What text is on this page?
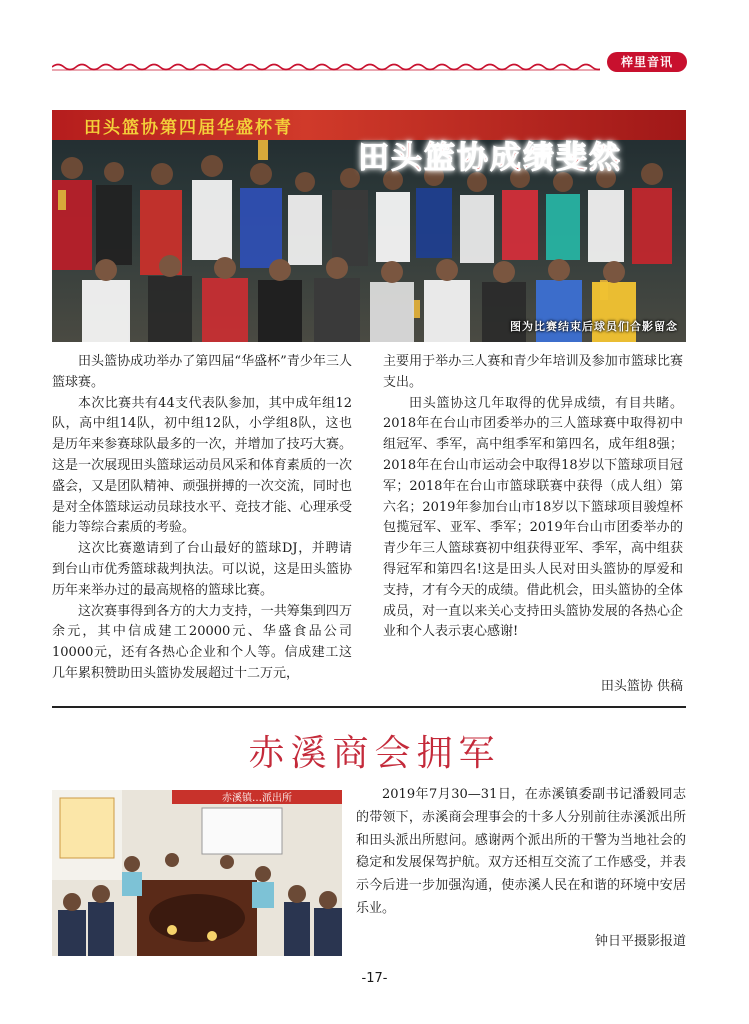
梓里音讯
田头篮协第四届华盛杯青
田头篮协成绩斐然
图为比赛结束后球员们合影留念

田头篮协成功举办了第四届“华盛杯”青少年三人篮球赛。

本次比赛共有44支代表队参加，其中成年组12队，高中组14队，初中组12队，小学组8队，这也是历年来参赛球队最多的一次，并增加了技巧大赛。这是一次展现田头篮球运动员风采和体育素质的一次盛会，又是团队精神、顽强拼搏的一次交流，同时也是对全体篮球运动员球技水平、竞技才能、心理承受能力等综合素质的考验。

这次比赛邀请到了台山最好的篮球DJ，并聘请到台山市优秀篮球裁判执法。可以说，这是田头篮协历年来举办过的最高规格的篮球比赛。

这次赛事得到各方的大力支持，一共筹集到四万余元，其中信成建工20000元、华盛食品公司10000元，还有各热心企业和个人等。信成建工这几年累积赞助田头篮协发展超过十二万元，

主要用于举办三人赛和青少年培训及参加市篮球比赛支出。

田头篮协这几年取得的优异成绩，有目共睹。2018年在台山市团委举办的三人篮球赛中取得初中组冠军、季军，高中组季军和第四名，成年组8强；2018年在台山市运动会中取得18岁以下篮球项目冠军；2018年在台山市篮球联赛中获得（成人组）第六名；2019年参加台山市18岁以下篮球项目骏煌杯包揽冠军、亚军、季军；2019年台山市团委举办的青少年三人篮球赛初中组获得亚军、季军，高中组获得冠军和第四名!这是田头人民对田头篮协的厚爱和支持，才有今天的成绩。借此机会，田头篮协的全体成员，对一直以来关心支持田头篮协发展的各热心企业和个人表示衷心感谢!

田头篮协 供稿
赤溪商会拥军
赤溪镇…派出所	2019年7月30—31日，在赤溪镇委副书记潘毅同志的带领下，赤溪商会理事会的十多人分别前往赤溪派出所和田头派出所慰问。感谢两个派出所的干警为当地社会的稳定和发展保驾护航。双方还相互交流了工作感受，并表示今后进一步加强沟通，使赤溪人民在和谐的环境中安居乐业。

钟日平摄影报道
-17-
